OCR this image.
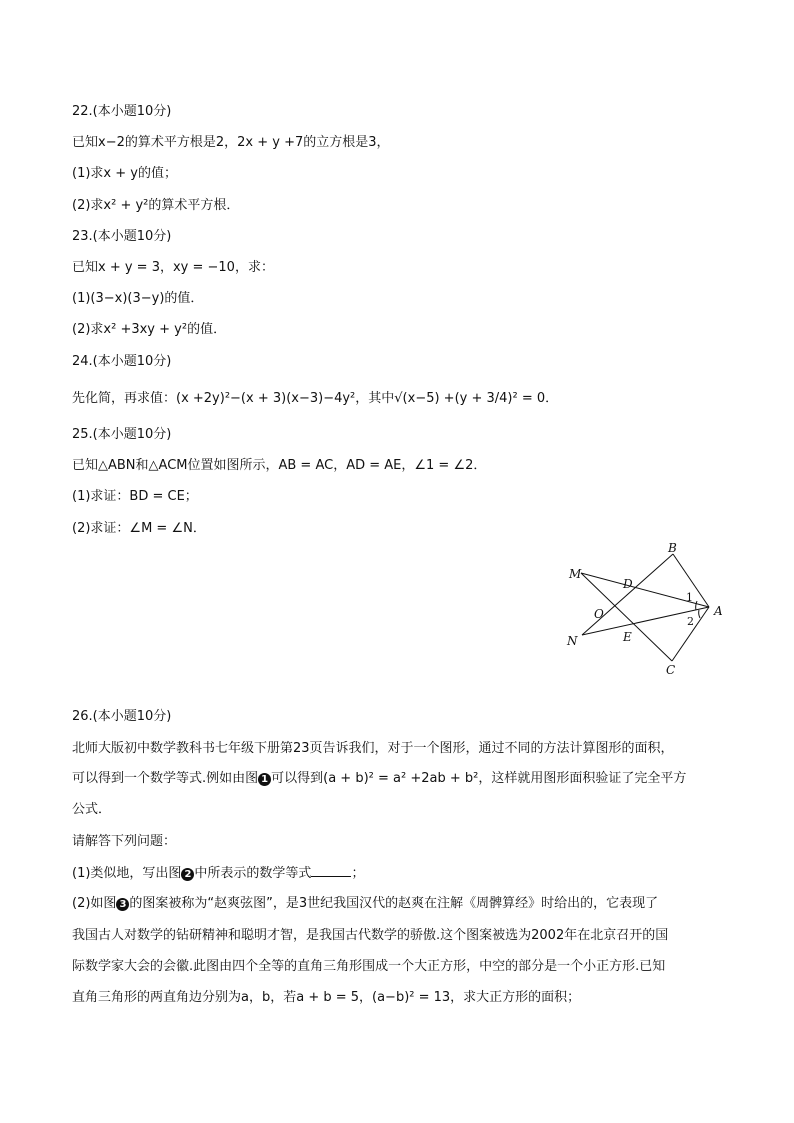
22.(本小题10分)
已知x−2的算术平方根是2，2x + y +7的立方根是3，
(1)求x + y的值；
(2)求x² + y²的算术平方根．
23.(本小题10分)
已知x + y = 3，xy = −10，求：
(1)(3−x)(3−y)的值．
(2)求x² +3xy + y²的值．
24.(本小题10分)
先化简，再求值：(x +2y)²−(x + 3)(x−3)−4y²，其中√(x−5) +(y + 3/4)² = 0．
25.(本小题10分)
已知△ABN和△ACM位置如图所示，AB = AC，AD = AE，∠1 = ∠2．
(1)求证：BD = CE；
(2)求证：∠M = ∠N．
B
M
D
O	A
N	E
C
1
2
26.(本小题10分)
北师大版初中数学教科书七年级下册第23页告诉我们，对于一个图形，通过不同的方法计算图形的面积，
可以得到一个数学等式.例如由图 1 可以得到(a + b)² = a² +2ab + b²，这样就用图形面积验证了完全平方
公式．
请解答下列问题：
(1)类似地，写出图 2 中所表示的数学等式	；
(2)如图 3 的图案被称为“赵爽弦图”，是3世纪我国汉代的赵爽在注解《周髀算经》时给出的，它表现了
我国古人对数学的钻研精神和聪明才智，是我国古代数学的骄傲.这个图案被选为2002年在北京召开的国
际数学家大会的会徽.此图由四个全等的直角三角形围成一个大正方形，中空的部分是一个小正方形.已知
直角三角形的两直角边分别为a，b，若a + b = 5，(a−b)² = 13，求大正方形的面积；
